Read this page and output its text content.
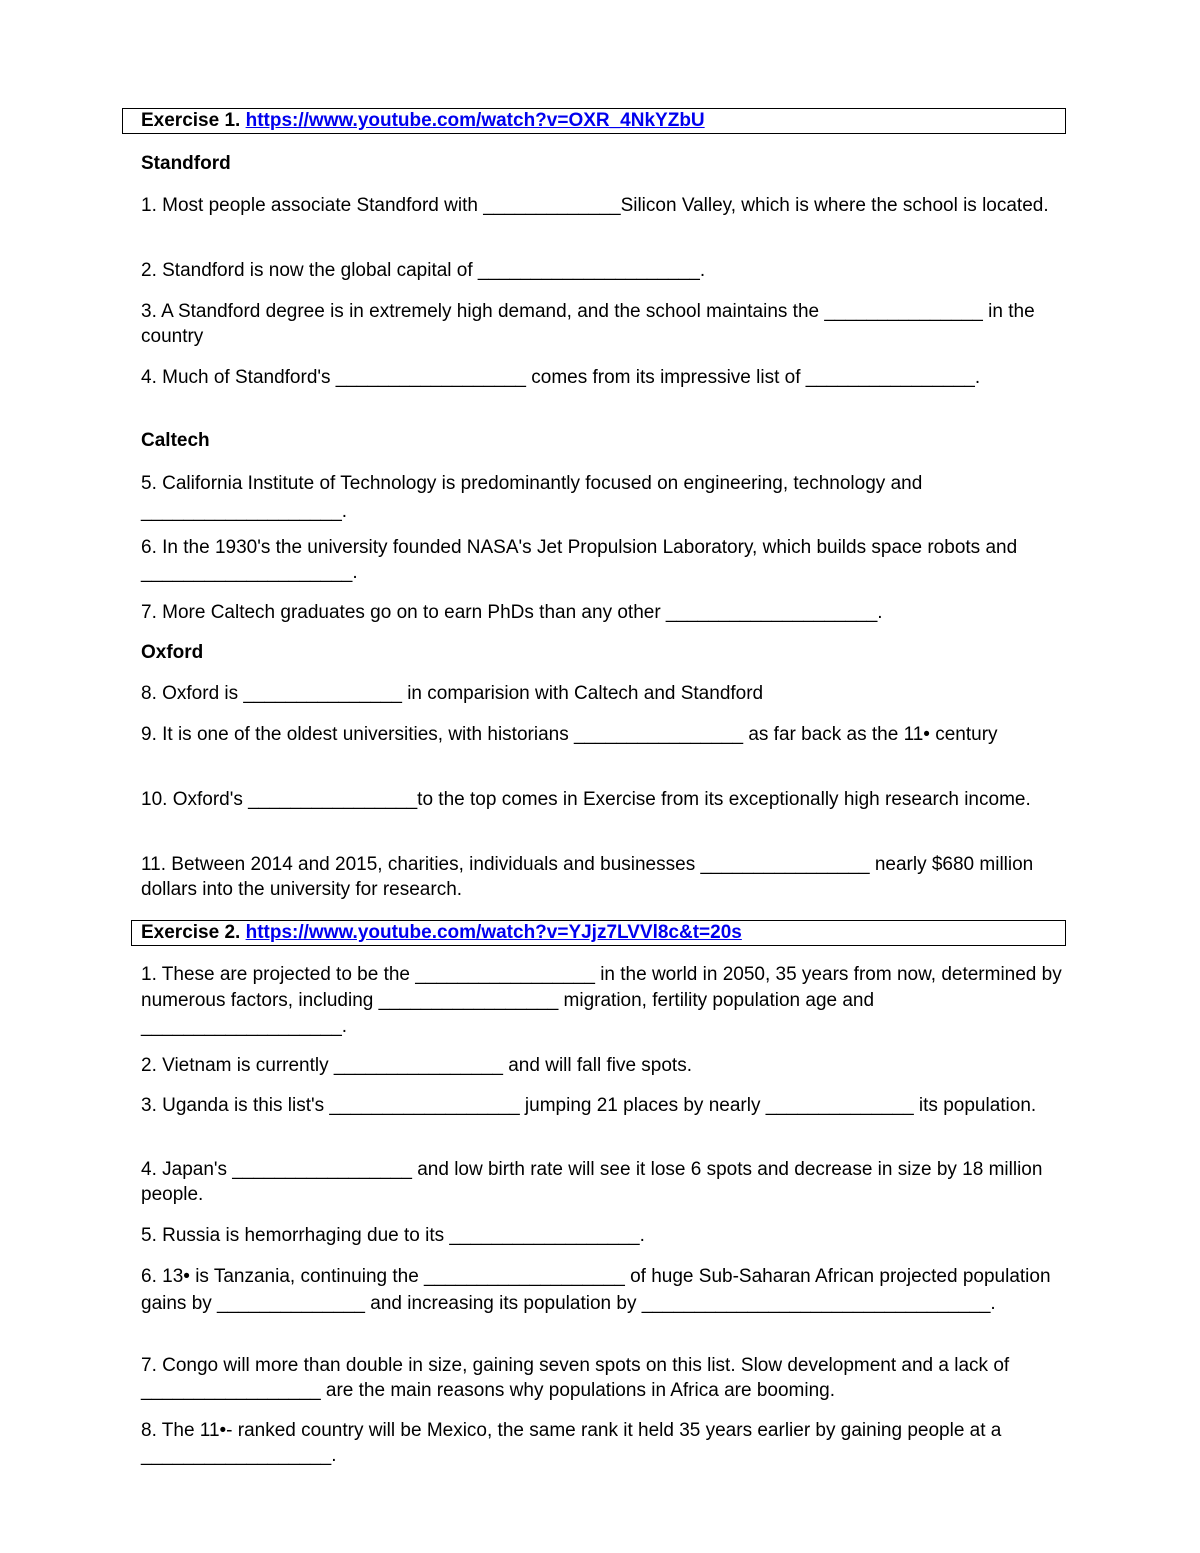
Exercise 1. https://www.youtube.com/watch?v=OXR_4NkYZbU
Standford
1. Most people associate Standford with _____________Silicon Valley, which is where the school is located.
2. Standford is now the global capital of _____________________.
3. A Standford degree is in extremely high demand, and the school maintains the _______________ in the country
4. Much of Standford's __________________ comes from its impressive list of ________________.
Caltech
5. California Institute of Technology is predominantly focused on engineering, technology and ___________________.
6. In the 1930's the university founded NASA's Jet Propulsion Laboratory, which builds space robots and ____________________.
7. More Caltech graduates go on to earn PhDs than any other ____________________.
Oxford
8. Oxford is _______________ in comparision with Caltech and Standford
9. It is one of the oldest universities, with historians ________________ as far back as the 11• century
10. Oxford's ________________to the top comes in Exercise from its exceptionally high research income.
11. Between 2014 and 2015, charities, individuals and businesses ________________ nearly $680 million dollars into the university for research.
Exercise 2. https://www.youtube.com/watch?v=YJjz7LVVl8c&t=20s
1. These are projected to be the _________________ in the world in 2050, 35 years from now, determined by numerous factors, including _________________ migration, fertility population age and ___________________.
2. Vietnam is currently ________________ and will fall five spots.
3. Uganda is this list's __________________ jumping 21 places by nearly ______________ its population.
4. Japan's _________________ and low birth rate will see it lose 6 spots and decrease in size by 18 million people.
5. Russia is hemorrhaging due to its __________________.
6. 13• is Tanzania, continuing the ___________________ of huge Sub-Saharan African projected population gains by ______________ and increasing its population by _________________________________.
7. Congo will more than double in size, gaining seven spots on this list. Slow development and a lack of _________________ are the main reasons why populations in Africa are booming.
8. The 11•- ranked country will be Mexico, the same rank it held 35 years earlier by gaining people at a __________________.
